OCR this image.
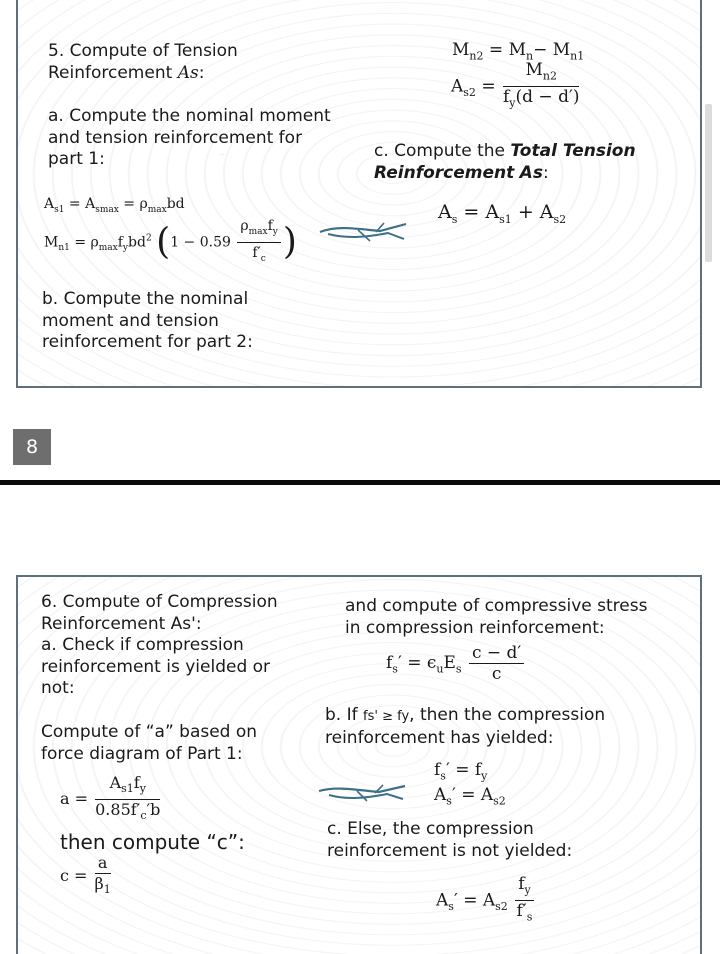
5. Compute of Tension
Reinforcement As:
a. Compute the nominal moment
and tension reinforcement for
part 1:
$M_{n2} = M_n- M_{n1}$
$A_{s2} = \frac{M_{n2}}{f_y(d - d')}$
c. Compute the Total Tension
Reinforcement As:
$A_{s1} = A_{smax} = \rho_{max}bd$
$M_{n1} = \rho_{max}f_ybd^2$ ($1 - 0.59 \frac{\rho_{max}f_y}{f'_c}$ )
$A_s = A_{s1} + A_{s2}$
b. Compute the nominal
moment and tension
reinforcement for part 2:
8
6. Compute of Compression
Reinforcement As':
a. Check if compression
reinforcement is yielded or
not:
Compute of “a” based on
force diagram of Part 1:
$a = \frac{A_{s1}f_y}{0.85f'_c'b}$
then compute “c”:
$c = \frac{a}{\beta_1}$
and compute of compressive stress
in compression reinforcement:
$f_s' = \epsilon_uE_s \frac{c - d'}{c}$
b. If fs' ≥ fy, then the compression
reinforcement has yielded:
$f_s' = f_y$
$A_s' = A_{s2}$
c. Else, the compression
reinforcement is not yielded:
$A_s' = A_{s2} \frac{f_y}{f'_s}$
